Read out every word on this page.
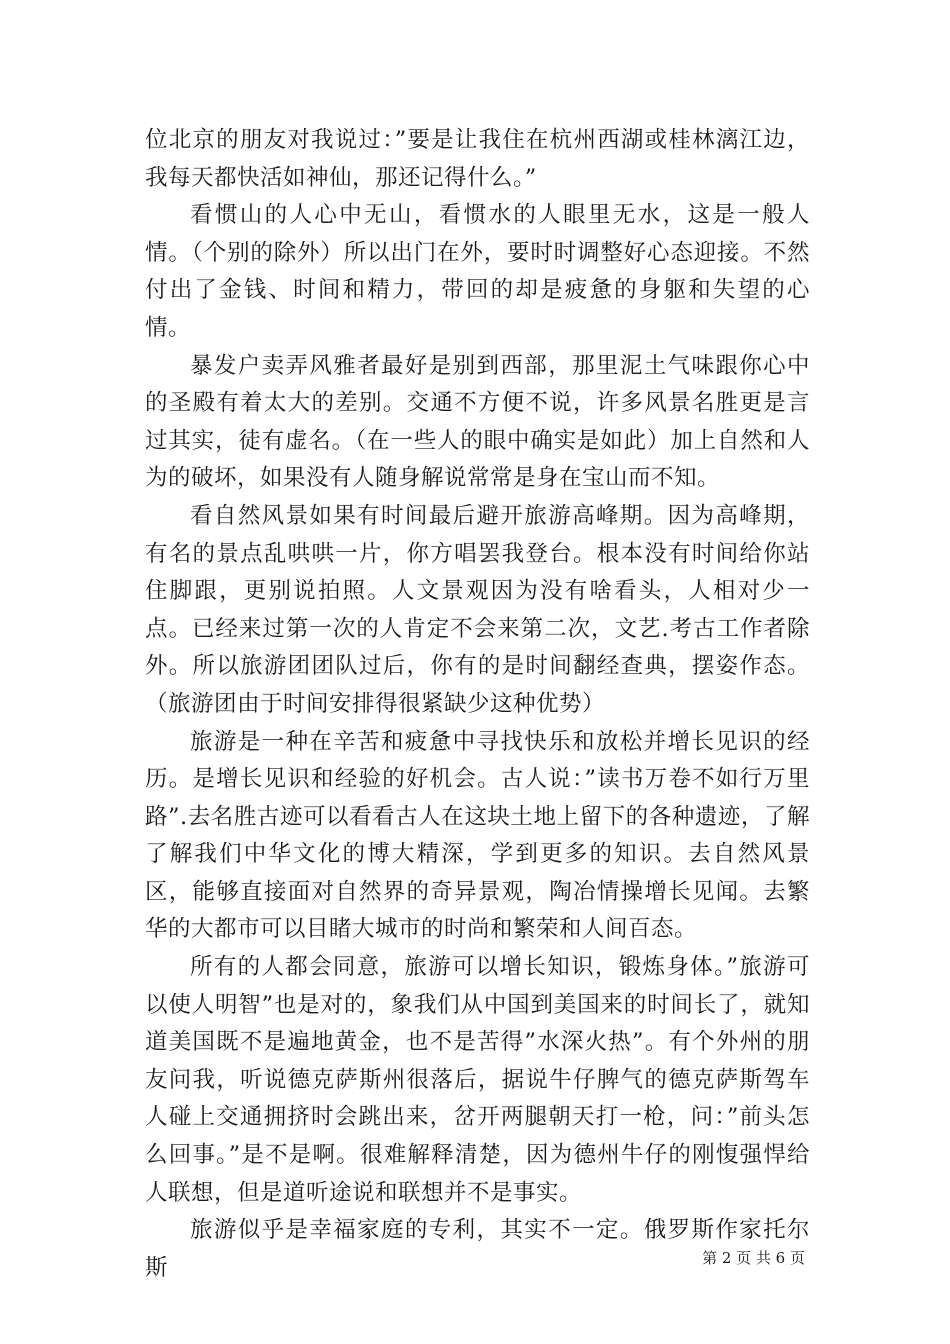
位北京的朋友对我说过：”要是让我住在杭州西湖或桂林漓江边，我每天都快活如神仙，那还记得什么。”

看惯山的人心中无山，看惯水的人眼里无水，这是一般人情。（个别的除外）所以出门在外，要时时调整好心态迎接。不然付出了金钱、时间和精力，带回的却是疲惫的身躯和失望的心情。

暴发户卖弄风雅者最好是别到西部，那里泥土气味跟你心中的圣殿有着太大的差别。交通不方便不说，许多风景名胜更是言过其实，徒有虚名。（在一些人的眼中确实是如此）加上自然和人为的破坏，如果没有人随身解说常常是身在宝山而不知。

看自然风景如果有时间最后避开旅游高峰期。因为高峰期，有名的景点乱哄哄一片，你方唱罢我登台。根本没有时间给你站住脚跟，更别说拍照。人文景观因为没有啥看头，人相对少一点。已经来过第一次的人肯定不会来第二次，文艺.考古工作者除外。所以旅游团团队过后，你有的是时间翻经查典，摆姿作态。（旅游团由于时间安排得很紧缺少这种优势）

旅游是一种在辛苦和疲惫中寻找快乐和放松并增长见识的经历。是增长见识和经验的好机会。古人说：”读书万卷不如行万里路”.去名胜古迹可以看看古人在这块土地上留下的各种遗迹，了解了解我们中华文化的博大精深，学到更多的知识。去自然风景区，能够直接面对自然界的奇异景观，陶冶情操增长见闻。去繁华的大都市可以目睹大城市的时尚和繁荣和人间百态。

所有的人都会同意，旅游可以增长知识，锻炼身体。”旅游可以使人明智”也是对的，象我们从中国到美国来的时间长了，就知道美国既不是遍地黄金，也不是苦得”水深火热”。有个外州的朋友问我，听说德克萨斯州很落后，据说牛仔脾气的德克萨斯驾车人碰上交通拥挤时会跳出来，岔开两腿朝天打一枪，问：”前头怎么回事。”是不是啊。很难解释清楚，因为德州牛仔的刚愎强悍给人联想，但是道听途说和联想并不是事实。

旅游似乎是幸福家庭的专利，其实不一定。俄罗斯作家托尔斯	第 2 页 共 6 页
